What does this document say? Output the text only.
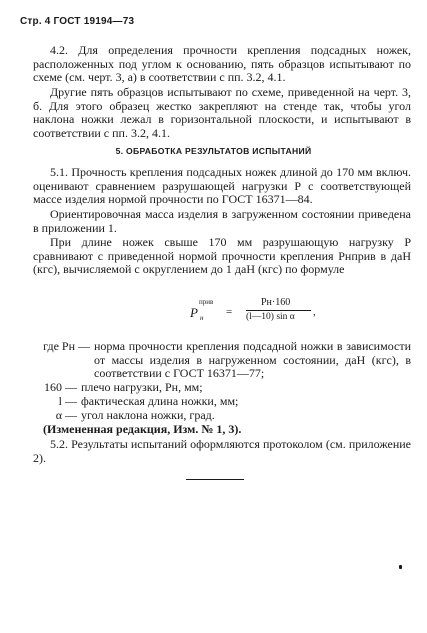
Стр. 4 ГОСТ 19194—73
4.2. Для определения прочности крепления подсадных ножек, расположенных под углом к основанию, пять образцов испытывают по схеме (см. черт. 3, а) в соответствии с пп. 3.2, 4.1.
Другие пять образцов испытывают по схеме, приведенной на черт. 3, б. Для этого образец жестко закрепляют на стенде так, чтобы угол наклона ножки лежал в горизонтальной плоскости, и испытывают в соответствии с пп. 3.2, 4.1.
5. ОБРАБОТКА РЕЗУЛЬТАТОВ ИСПЫТАНИЙ
5.1. Прочность крепления подсадных ножек длиной до 170 мм включ. оценивают сравнением разрушающей нагрузки Р с соответствующей массе изделия нормой прочности по ГОСТ 16371—84.
Ориентировочная масса изделия в загруженном состоянии приведена в приложении 1.
При длине ножек свыше 170 мм разрушающую нагрузку Р сравнивают с приведенной нормой прочности крепления Рнприв в даН (кгс), вычисляемой с округлением до 1 даН (кгс) по формуле
P
прив
н =
Pн·160
(l—10) sin α ,
где Pн — норма прочности крепления подсадной ножки в зависимости от массы изделия в нагруженном состоянии, даН (кгс), в соответствии с ГОСТ 16371—77;
160 — плечо нагрузки, Pн, мм;
l — фактическая длина ножки, мм;
α — угол наклона ножки, град.
(Измененная редакция, Изм. № 1, 3).
5.2. Результаты испытаний оформляются протоколом (см. приложение 2).
